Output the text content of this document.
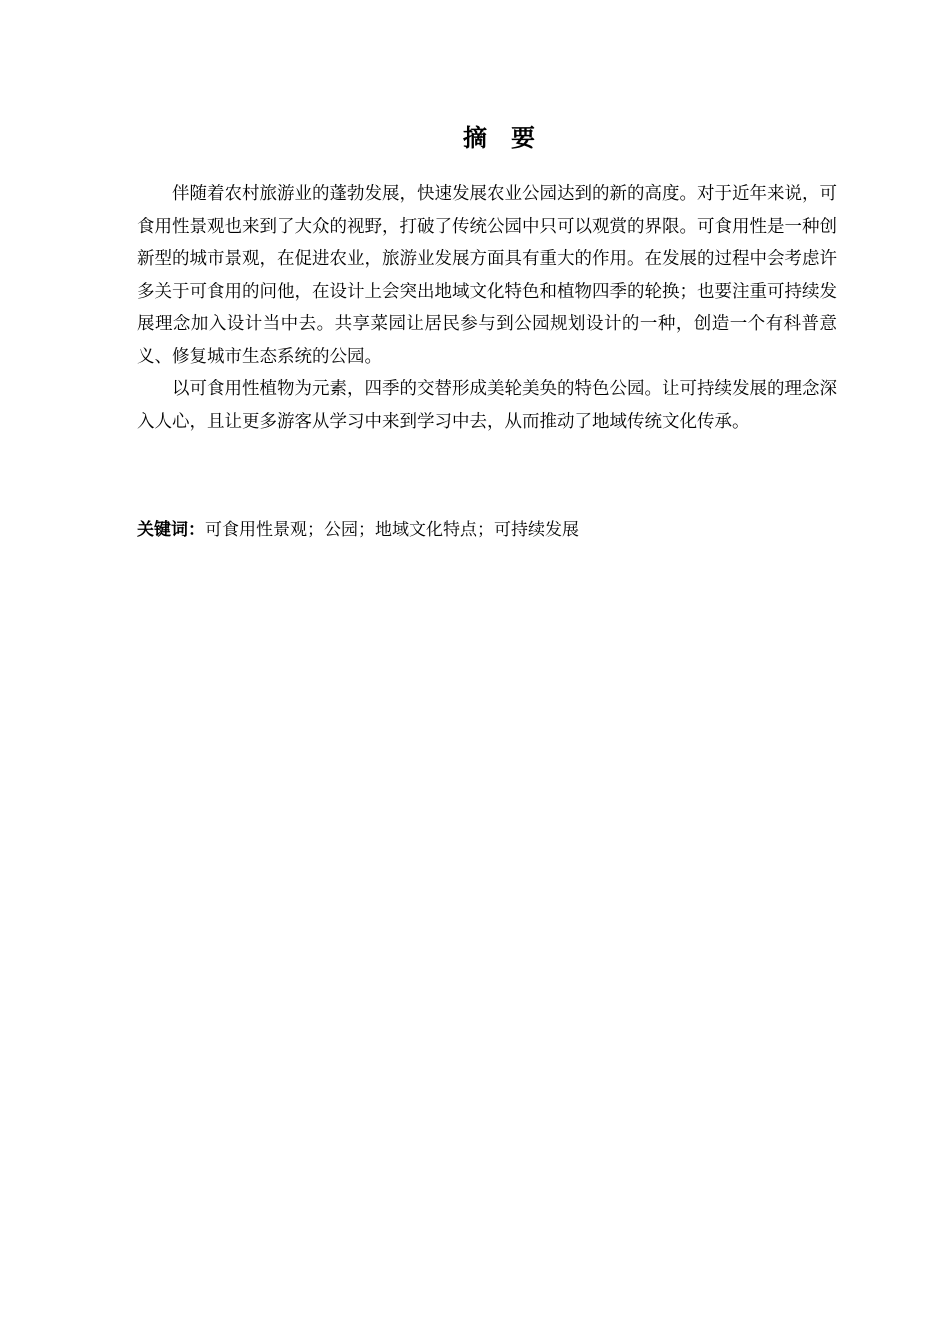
摘要

伴随着农村旅游业的蓬勃发展，快速发展农业公园达到的新的高度。对于近年来说，可食用性景观也来到了大众的视野，打破了传统公园中只可以观赏的界限。可食用性是一种创新型的城市景观，在促进农业，旅游业发展方面具有重大的作用。在发展的过程中会考虑许多关于可食用的问他，在设计上会突出地域文化特色和植物四季的轮换；也要注重可持续发展理念加入设计当中去。共享菜园让居民参与到公园规划设计的一种，创造一个有科普意义、修复城市生态系统的公园。

以可食用性植物为元素，四季的交替形成美轮美奂的特色公园。让可持续发展的理念深入人心，且让更多游客从学习中来到学习中去，从而推动了地域传统文化传承。

关键词：可食用性景观；公园；地域文化特点；可持续发展
